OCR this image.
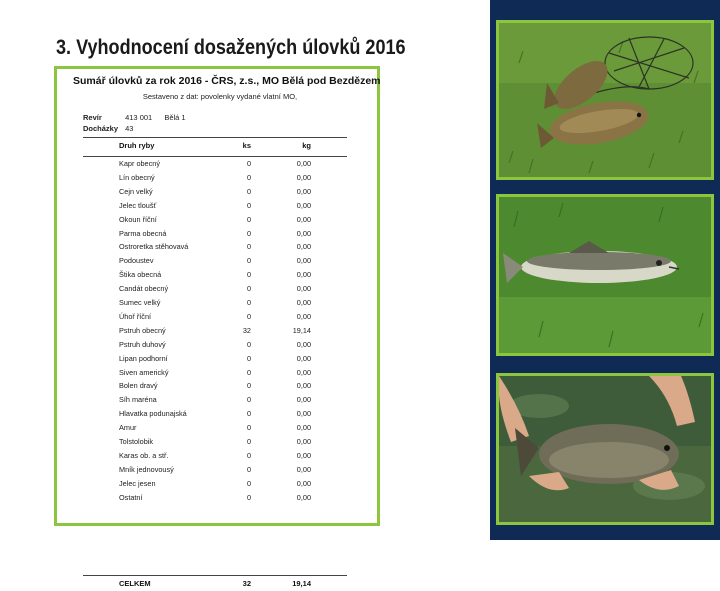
3. Vyhodnocení dosažených úlovků 2016
Sumář úlovků za rok 2016 - ČRS, z.s., MO Bělá pod Bezdězem
Sestaveno z dat: povolenky vydané vlatní MO,
Revír	413 001 Bělá 1
Docházky 43
Druh ryby	ks	kg
Kapr obecný	0	0,00
Lín obecný	0	0,00
Cejn velký	0	0,00
Jelec tloušť	0	0,00
Okoun říční	0	0,00
Parma obecná	0	0,00
Ostroretka stěhovavá	0	0,00
Podoustev	0	0,00
Štika obecná	0	0,00
Candát obecný	0	0,00
Sumec velký	0	0,00
Úhoř říční	0	0,00
Pstruh obecný	32	19,14
Pstruh duhový	0	0,00
Lipan podhorní	0	0,00
Siven americký	0	0,00
Bolen dravý	0	0,00
Síh maréna	0	0,00
Hlavatka podunajská	0	0,00
Amur	0	0,00
Tolstolobik	0	0,00
Karas ob. a stř.	0	0,00
Mník jednovousý	0	0,00
Jelec jesen	0	0,00
Ostatní	0	0,00
CELKEM	32	19,14
